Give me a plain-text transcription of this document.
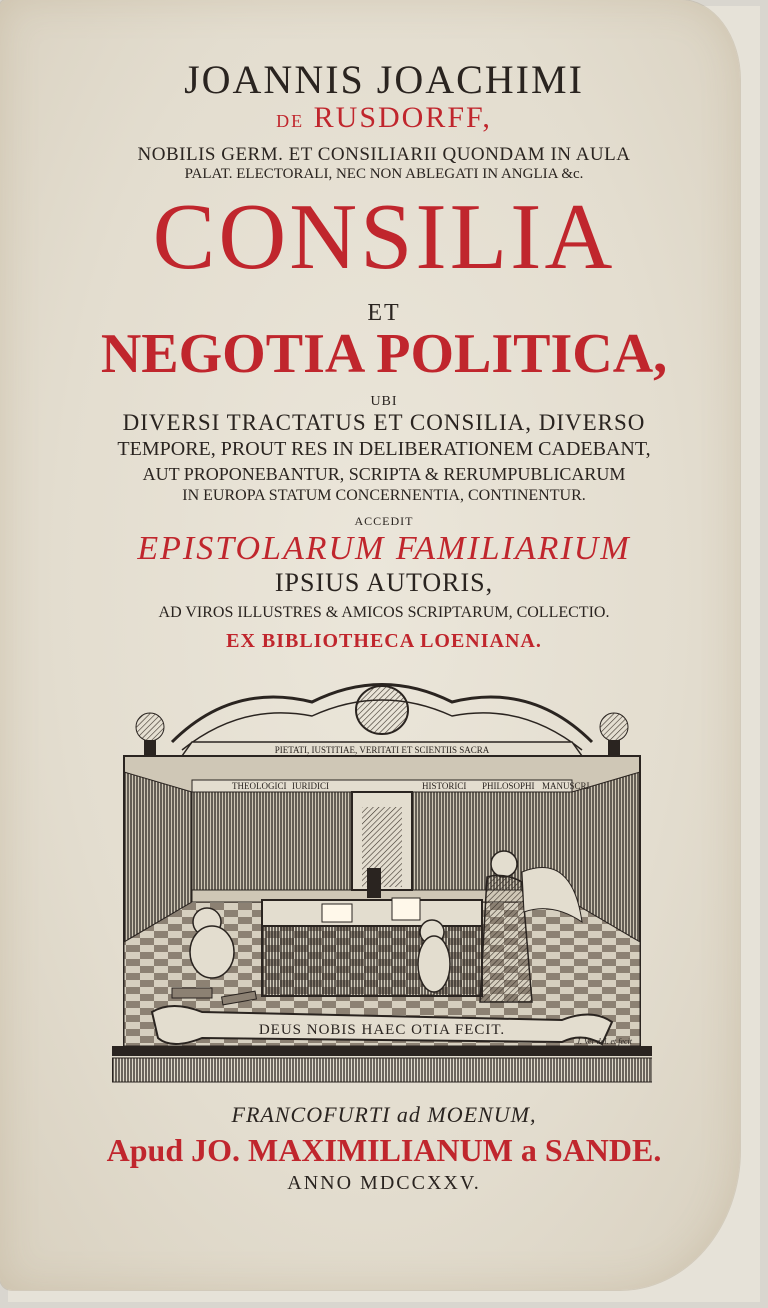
JOANNIS JOACHIMI
DE RUSDORFF,
NOBILIS GERM. ET CONSILIARII QUONDAM IN AULA
PALAT. ELECTORALI, NEC NON ABLEGATI IN ANGLIA &c.
CONSILIA
ET
NEGOTIA POLITICA,
UBI
DIVERSI TRACTATUS ET CONSILIA, DIVERSO
TEMPORE, PROUT RES IN DELIBERATIONEM CADEBANT,
AUT PROPONEBANTUR, SCRIPTA & RERUMPUBLICARUM
IN EUROPA STATUM CONCERNENTIA, CONTINENTUR.
ACCEDIT
EPISTOLARUM FAMILIARIUM
IPSIUS AUTORIS,
AD VIROS ILLUSTRES & AMICOS SCRIPTARUM, COLLECTIO.
EX BIBLIOTHECA LOENIANA.
PIETATI, IUSTITIAE, VERITATI ET SCIENTIIS SACRA
THEOLOGICI IURIDICI	HISTORICI PHILOSOPHI MANUSCRI
DEUS NOBIS HAEC OTIA FECIT.
J. Ver del. et fecit
FRANCOFURTI ad MOENUM,
Apud JO. MAXIMILIANUM a SANDE.
ANNO MDCCXXV.
